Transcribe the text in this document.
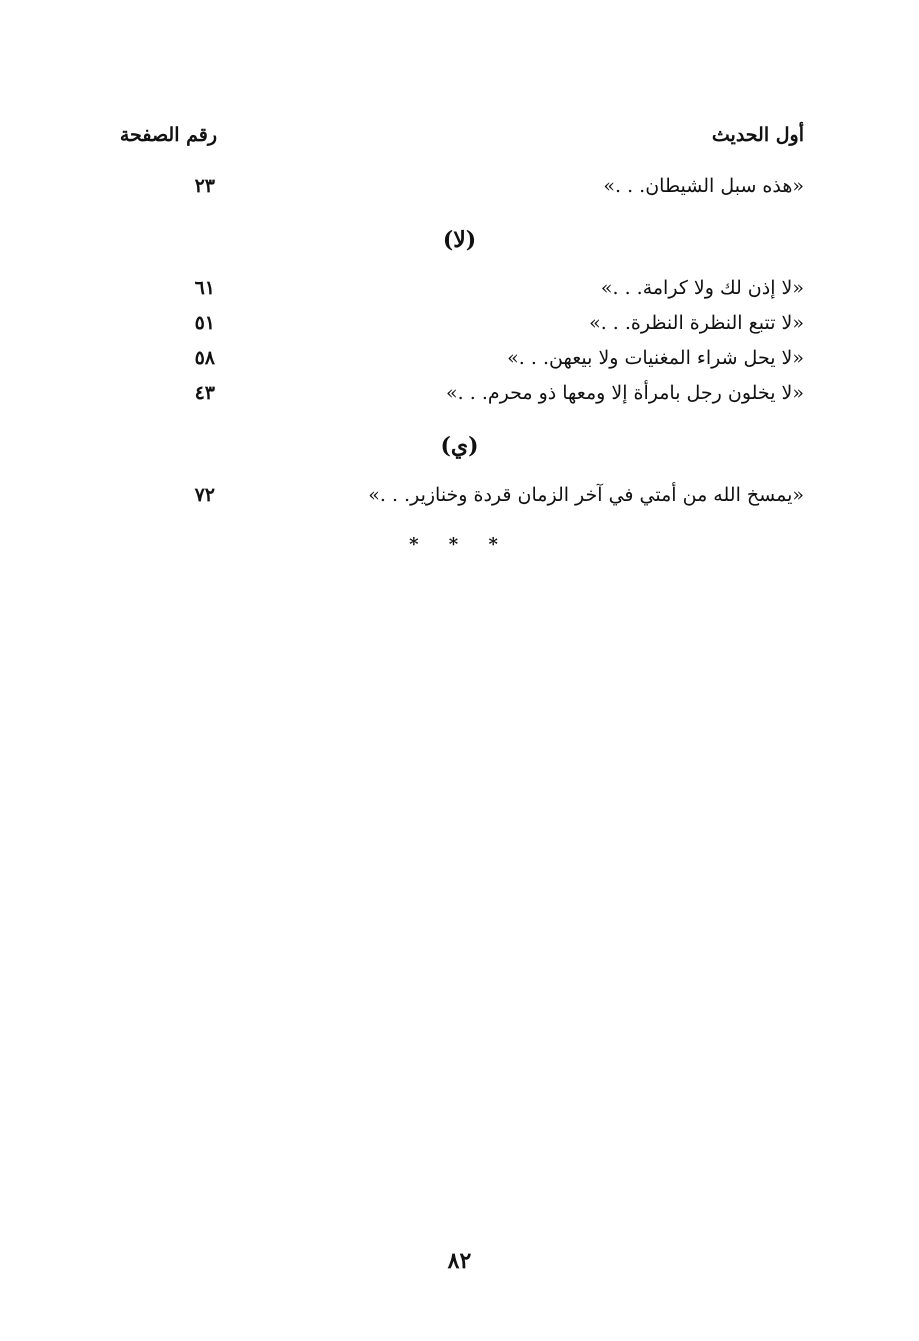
أول الحديث
رقم الصفحة
«هذه سبل الشيطان. . .»
٢٣
(لا)
«لا إذن لك ولا كرامة. . .»
٦١
«لا تتبع النظرة النظرة. . .»
٥١
«لا يحل شراء المغنيات ولا بيعهن. . .»
٥٨
«لا يخلون رجل بامرأة إلا ومعها ذو محرم. . .»
٤٣
(ي)
«يمسخ الله من أمتي في آخر الزمان قردة وخنازير. . .»
٧٢
* * *
٨٢
